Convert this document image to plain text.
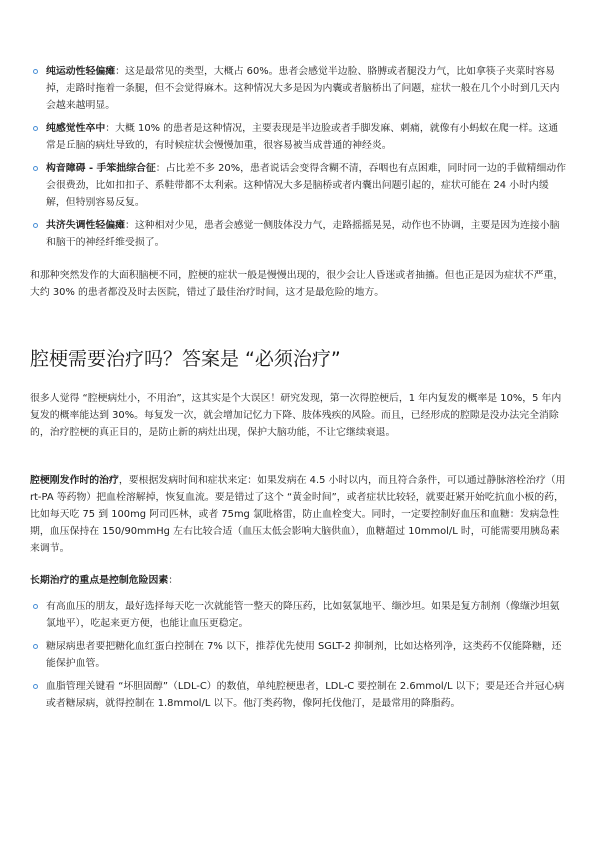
纯运动性轻偏瘫：这是最常见的类型，大概占 60%。患者会感觉半边脸、胳膊或者腿没力气，比如拿筷子夹菜时容易掉，走路时拖着一条腿，但不会觉得麻木。这种情况大多是因为内囊或者脑桥出了问题，症状一般在几个小时到几天内会越来越明显。
纯感觉性卒中：大概 10% 的患者是这种情况，主要表现是半边脸或者手脚发麻、刺痛，就像有小蚂蚁在爬一样。这通常是丘脑的病灶导致的，有时候症状会慢慢加重，很容易被当成普通的神经炎。
构音障碍 - 手笨拙综合征：占比差不多 20%，患者说话会变得含糊不清，吞咽也有点困难，同时同一边的手做精细动作会很费劲，比如扣扣子、系鞋带都不太利索。这种情况大多是脑桥或者内囊出问题引起的，症状可能在 24 小时内缓解，但特别容易反复。
共济失调性轻偏瘫：这种相对少见，患者会感觉一侧肢体没力气，走路摇摇晃晃，动作也不协调，主要是因为连接小脑和脑干的神经纤维受损了。

和那种突然发作的大面积脑梗不同，腔梗的症状一般是慢慢出现的，很少会让人昏迷或者抽搐。但也正是因为症状不严重，大约 30% 的患者都没及时去医院，错过了最佳治疗时间，这才是最危险的地方。

腔梗需要治疗吗？答案是 “必须治疗”

很多人觉得 “腔梗病灶小，不用治”，这其实是个大误区！研究发现，第一次得腔梗后，1 年内复发的概率是 10%，5 年内复发的概率能达到 30%。每复发一次，就会增加记忆力下降、肢体残疾的风险。而且，已经形成的腔隙是没办法完全消除的，治疗腔梗的真正目的，是防止新的病灶出现，保护大脑功能，不让它继续衰退。

腔梗刚发作时的治疗，要根据发病时间和症状来定：如果发病在 4.5 小时以内，而且符合条件，可以通过静脉溶栓治疗（用 rt-PA 等药物）把血栓溶解掉，恢复血流。要是错过了这个 “黄金时间”，或者症状比较轻，就要赶紧开始吃抗血小板的药，比如每天吃 75 到 100mg 阿司匹林，或者 75mg 氯吡格雷，防止血栓变大。同时，一定要控制好血压和血糖：发病急性期，血压保持在 150/90mmHg 左右比较合适（血压太低会影响大脑供血），血糖超过 10mmol/L 时，可能需要用胰岛素来调节。

长期治疗的重点是控制危险因素：
有高血压的朋友，最好选择每天吃一次就能管一整天的降压药，比如氨氯地平、缬沙坦。如果是复方制剂（像缬沙坦氨氯地平），吃起来更方便，也能让血压更稳定。
糖尿病患者要把糖化血红蛋白控制在 7% 以下，推荐优先使用 SGLT-2 抑制剂，比如达格列净，这类药不仅能降糖，还能保护血管。
血脂管理关键看 “坏胆固醇”（LDL-C）的数值，单纯腔梗患者，LDL-C 要控制在 2.6mmol/L 以下；要是还合并冠心病或者糖尿病，就得控制在 1.8mmol/L 以下。他汀类药物，像阿托伐他汀，是最常用的降脂药。
